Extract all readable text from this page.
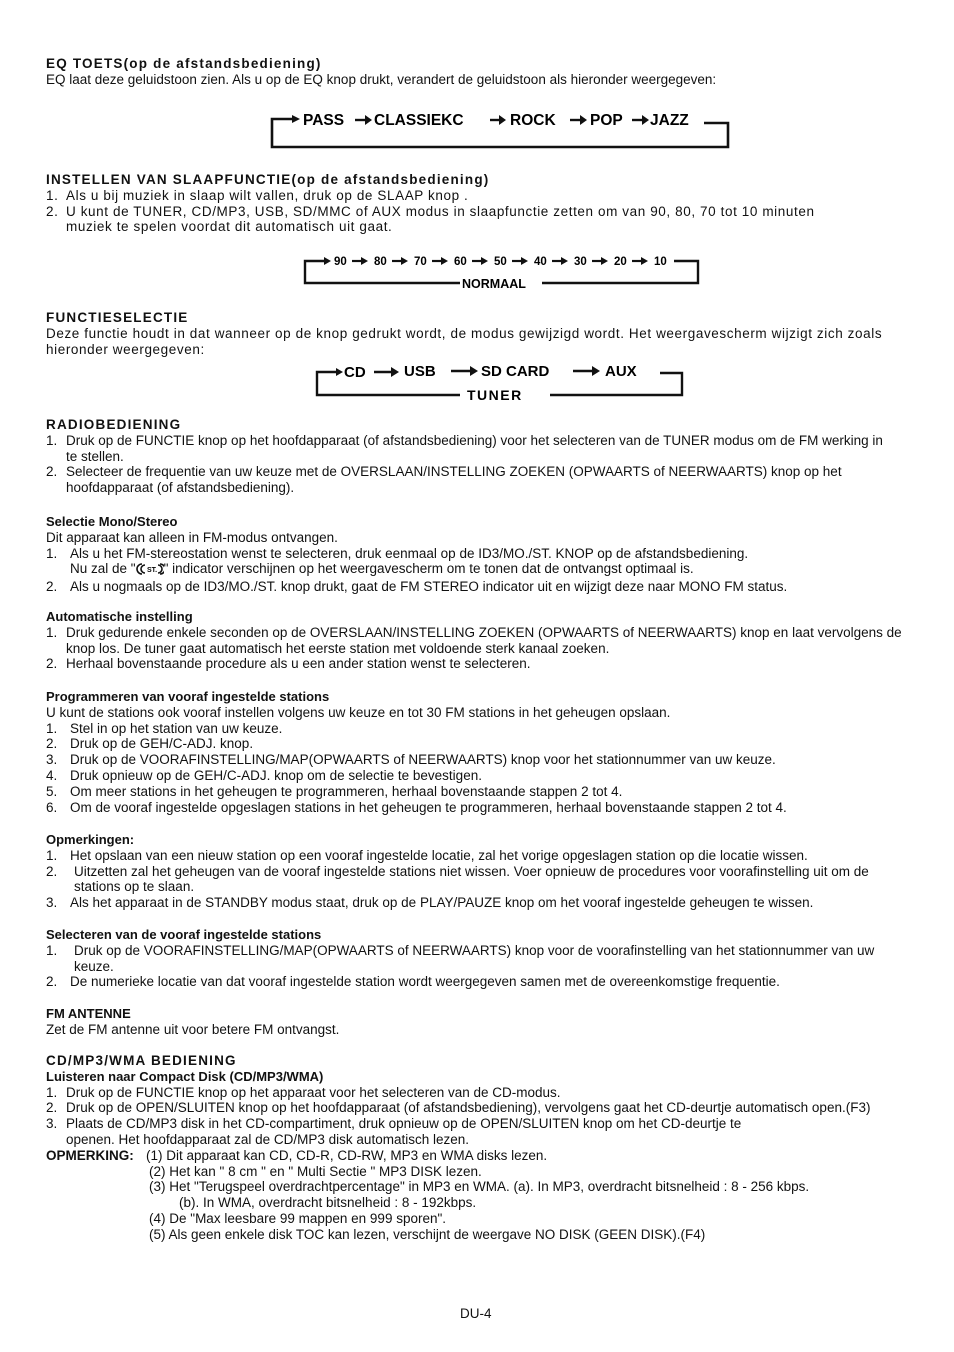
EQ TOETS(op de afstandsbediening)
EQ laat deze geluidstoon zien. Als u op de EQ knop drukt, verandert de geluidstoon als hieronder weergegeven:
PASS CLASSIEKC	ROCK POP JAZZ
INSTELLEN VAN SLAAPFUNCTIE(op de afstandsbediening)
1. Als u bij muziek in slaap wilt vallen, druk op de SLAAP knop .
2. U kunt de TUNER, CD/MP3, USB, SD/MMC of AUX modus in slaapfunctie zetten om van 90, 80, 70 tot 10 minuten muziek te spelen voordat dit automatisch uit gaat.
90 80 70 60 50 40 30 20 10
NORMAAL
FUNCTIESELECTIE
Deze functie houdt in dat wanneer op de knop gedrukt wordt, de modus gewijzigd wordt. Het weergavescherm wijzigt zich zoals hieronder weergegeven:
CD	USB	SD CARD	AUX
TUNER
RADIOBEDIENING
1. Druk op de FUNCTIE knop op het hoofdapparaat (of afstandsbediening) voor het selecteren van de TUNER modus om de FM werking in te stellen.
2. Selecteer de frequentie van uw keuze met de OVERSLAAN/INSTELLING ZOEKEN (OPWAARTS of NEERWAARTS) knop op het hoofdapparaat (of afstandsbediening).
Selectie Mono/Stereo
Dit apparaat kan alleen in FM-modus ontvangen.
1. Als u het FM-stereostation wenst te selecteren, druk eenmaal op de ID3/MO./ST. KNOP op de afstandsbediening.
Nu zal de " ST. " indicator verschijnen op het weergavescherm om te tonen dat de ontvangst optimaal is.
2. Als u nogmaals op de ID3/MO./ST. knop drukt, gaat de FM STEREO indicator uit en wijzigt deze naar MONO FM status.
Automatische instelling
1. Druk gedurende enkele seconden op de OVERSLAAN/INSTELLING ZOEKEN (OPWAARTS of NEERWAARTS) knop en laat vervolgens de knop los. De tuner gaat automatisch het eerste station met voldoende sterk kanaal zoeken.
2. Herhaal bovenstaande procedure als u een ander station wenst te selecteren.
Programmeren van vooraf ingestelde stations
U kunt de stations ook vooraf instellen volgens uw keuze en tot 30 FM stations in het geheugen opslaan.
1. Stel in op het station van uw keuze.
2. Druk op de GEH/C-ADJ. knop.
3. Druk op de VOORAFINSTELLING/MAP(OPWAARTS of NEERWAARTS) knop voor het stationnummer van uw keuze.
4. Druk opnieuw op de GEH/C-ADJ. knop om de selectie te bevestigen.
5. Om meer stations in het geheugen te programmeren, herhaal bovenstaande stappen 2 tot 4.
6. Om de vooraf ingestelde opgeslagen stations in het geheugen te programmeren, herhaal bovenstaande stappen 2 tot 4.
Opmerkingen:
1. Het opslaan van een nieuw station op een vooraf ingestelde locatie, zal het vorige opgeslagen station op die locatie wissen.
2. Uitzetten zal het geheugen van de vooraf ingestelde stations niet wissen. Voer opnieuw de procedures voor voorafinstelling uit om de stations op te slaan.
3. Als het apparaat in de STANDBY modus staat, druk op de PLAY/PAUZE knop om het vooraf ingestelde geheugen te wissen.
Selecteren van de vooraf ingestelde stations
1. Druk op de VOORAFINSTELLING/MAP(OPWAARTS of NEERWAARTS) knop voor de voorafinstelling van het stationnummer van uw keuze.
2. De numerieke locatie van dat vooraf ingestelde station wordt weergegeven samen met de overeenkomstige frequentie.
FM ANTENNE
Zet de FM antenne uit voor betere FM ontvangst.
CD/MP3/WMA BEDIENING
Luisteren naar Compact Disk (CD/MP3/WMA)
1. Druk op de FUNCTIE knop op het apparaat voor het selecteren van de CD-modus.
2. Druk op de OPEN/SLUITEN knop op het hoofdapparaat (of afstandsbediening), vervolgens gaat het CD-deurtje automatisch open.(F3)
3. Plaats de CD/MP3 disk in het CD-compartiment, druk opnieuw op de OPEN/SLUITEN knop om het CD-deurtje te openen. Het hoofdapparaat zal de CD/MP3 disk automatisch lezen.
OPMERKING: (1) Dit apparaat kan CD, CD-R, CD-RW, MP3 en WMA disks lezen.
(2) Het kan " 8 cm " en " Multi Sectie " MP3 DISK lezen.
(3) Het "Terugspeel overdrachtpercentage" in MP3 en WMA. (a). In MP3, overdracht bitsnelheid : 8 - 256 kbps.
(b). In WMA, overdracht bitsnelheid : 8 - 192kbps.
(4) De "Max leesbare 99 mappen en 999 sporen".
(5) Als geen enkele disk TOC kan lezen, verschijnt de weergave NO DISK (GEEN DISK).(F4)
DU-4
